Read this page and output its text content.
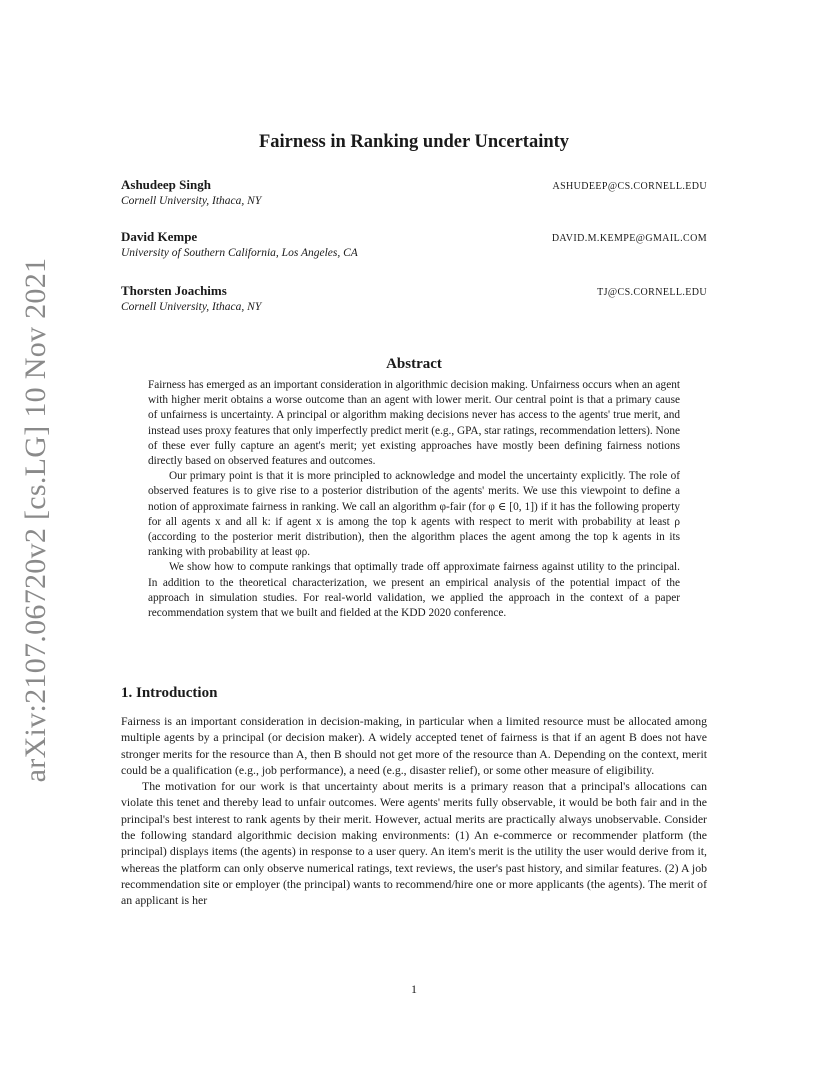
arXiv:2107.06720v2 [cs.LG] 10 Nov 2021
Fairness in Ranking under Uncertainty
Ashudeep Singh	ASHUDEEP@CS.CORNELL.EDU
Cornell University, Ithaca, NY
David Kempe	DAVID.M.KEMPE@GMAIL.COM
University of Southern California, Los Angeles, CA
Thorsten Joachims	TJ@CS.CORNELL.EDU
Cornell University, Ithaca, NY
Abstract

Fairness has emerged as an important consideration in algorithmic decision making. Unfairness occurs when an agent with higher merit obtains a worse outcome than an agent with lower merit. Our central point is that a primary cause of unfairness is uncertainty. A principal or algorithm making decisions never has access to the agents' true merit, and instead uses proxy features that only imperfectly predict merit (e.g., GPA, star ratings, recommendation letters). None of these ever fully capture an agent's merit; yet existing approaches have mostly been defining fairness notions directly based on observed features and outcomes.

Our primary point is that it is more principled to acknowledge and model the uncertainty explicitly. The role of observed features is to give rise to a posterior distribution of the agents' merits. We use this viewpoint to define a notion of approximate fairness in ranking. We call an algorithm φ-fair (for φ ∈ [0, 1]) if it has the following property for all agents x and all k: if agent x is among the top k agents with respect to merit with probability at least ρ (according to the posterior merit distribution), then the algorithm places the agent among the top k agents in its ranking with probability at least φρ.

We show how to compute rankings that optimally trade off approximate fairness against utility to the principal. In addition to the theoretical characterization, we present an empirical analysis of the potential impact of the approach in simulation studies. For real-world validation, we applied the approach in the context of a paper recommendation system that we built and fielded at the KDD 2020 conference.

1. Introduction

Fairness is an important consideration in decision-making, in particular when a limited resource must be allocated among multiple agents by a principal (or decision maker). A widely accepted tenet of fairness is that if an agent B does not have stronger merits for the resource than A, then B should not get more of the resource than A. Depending on the context, merit could be a qualification (e.g., job performance), a need (e.g., disaster relief), or some other measure of eligibility.

The motivation for our work is that uncertainty about merits is a primary reason that a principal's allocations can violate this tenet and thereby lead to unfair outcomes. Were agents' merits fully observable, it would be both fair and in the principal's best interest to rank agents by their merit. However, actual merits are practically always unobservable. Consider the following standard algorithmic decision making environments: (1) An e-commerce or recommender platform (the principal) displays items (the agents) in response to a user query. An item's merit is the utility the user would derive from it, whereas the platform can only observe numerical ratings, text reviews, the user's past history, and similar features. (2) A job recommendation site or employer (the principal) wants to recommend/hire one or more applicants (the agents). The merit of an applicant is her

1
